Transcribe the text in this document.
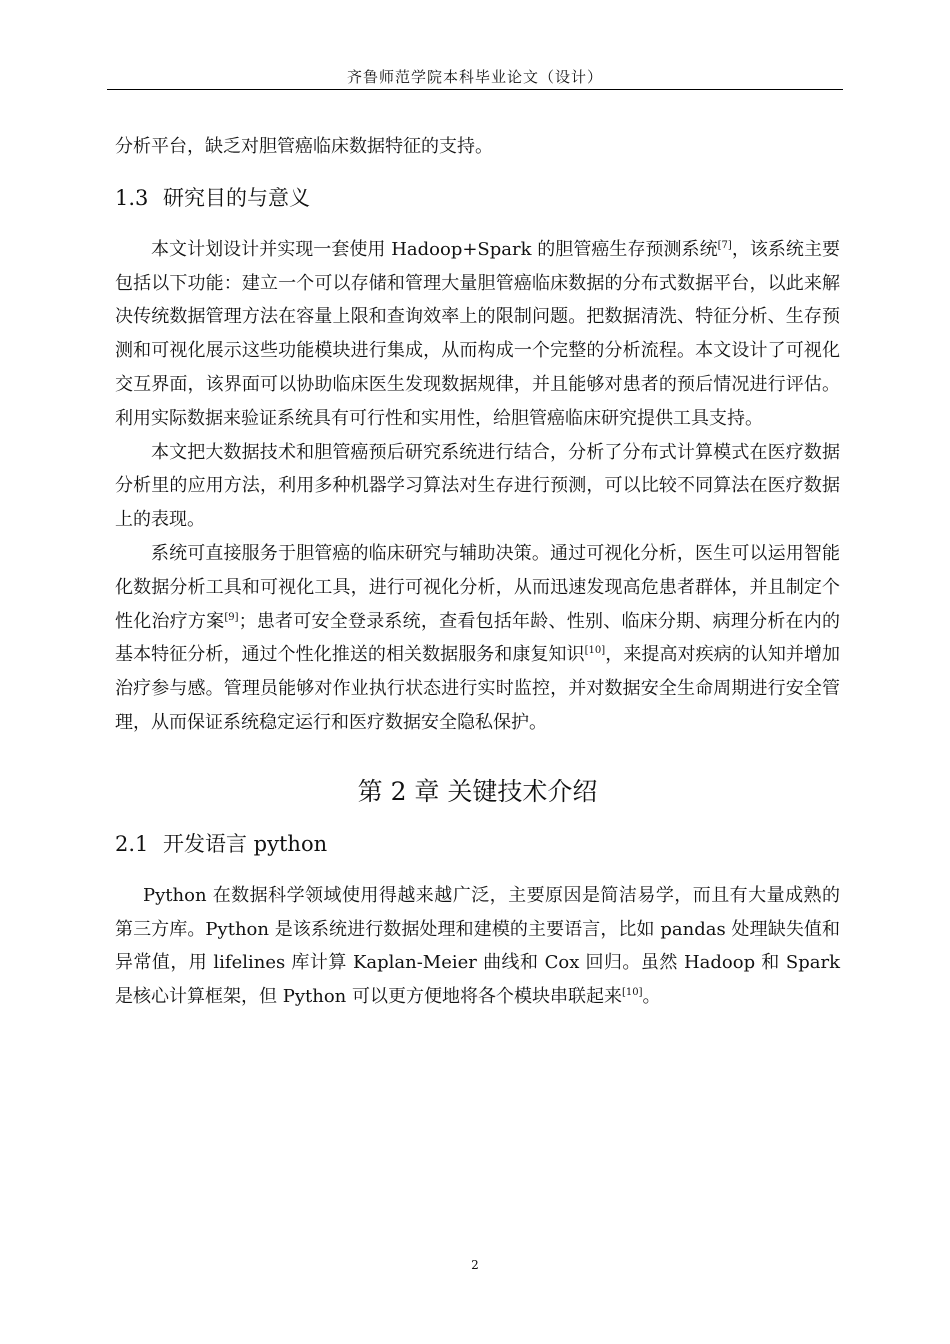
齐鲁师范学院本科毕业论文（设计）

分析平台，缺乏对胆管癌临床数据特征的支持。

1.3 研究目的与意义

本文计划设计并实现一套使用 Hadoop+Spark 的胆管癌生存预测系统[7]，该系统主要包括以下功能：建立一个可以存储和管理大量胆管癌临床数据的分布式数据平台，以此来解决传统数据管理方法在容量上限和查询效率上的限制问题。把数据清洗、特征分析、生存预测和可视化展示这些功能模块进行集成，从而构成一个完整的分析流程。本文设计了可视化交互界面，该界面可以协助临床医生发现数据规律，并且能够对患者的预后情况进行评估。利用实际数据来验证系统具有可行性和实用性，给胆管癌临床研究提供工具支持。

本文把大数据技术和胆管癌预后研究系统进行结合，分析了分布式计算模式在医疗数据分析里的应用方法，利用多种机器学习算法对生存进行预测，可以比较不同算法在医疗数据上的表现。

系统可直接服务于胆管癌的临床研究与辅助决策。通过可视化分析，医生可以运用智能化数据分析工具和可视化工具，进行可视化分析，从而迅速发现高危患者群体，并且制定个性化治疗方案[9]；患者可安全登录系统，查看包括年龄、性别、临床分期、病理分析在内的基本特征分析，通过个性化推送的相关数据服务和康复知识[10]，来提高对疾病的认知并增加治疗参与感。管理员能够对作业执行状态进行实时监控，并对数据安全生命周期进行安全管理，从而保证系统稳定运行和医疗数据安全隐私保护。

第 2 章 关键技术介绍
2.1 开发语言 python

Python 在数据科学领域使用得越来越广泛，主要原因是简洁易学，而且有大量成熟的第三方库。Python 是该系统进行数据处理和建模的主要语言，比如 pandas 处理缺失值和异常值，用 lifelines 库计算 Kaplan-Meier 曲线和 Cox 回归。虽然 Hadoop 和 Spark 是核心计算框架，但 Python 可以更方便地将各个模块串联起来[10]。

2
